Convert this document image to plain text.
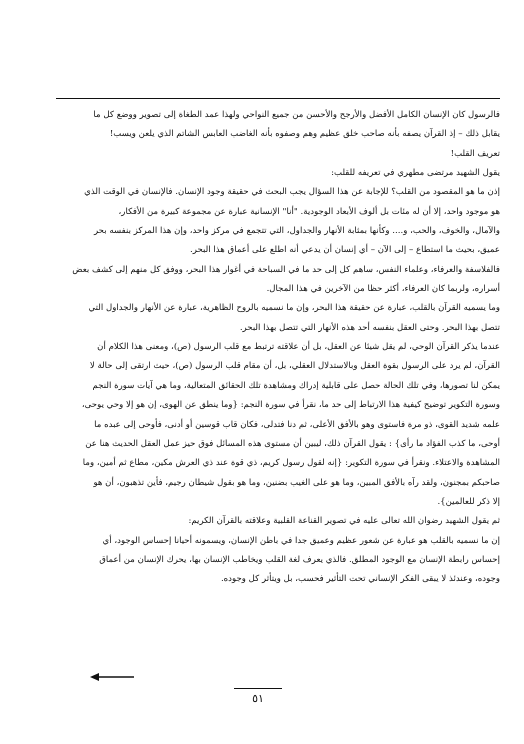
فالرسول كان الإنسان الكامل الأفضل والأرجح والأحسن من جميع النواحي ولهذا عمد الطغاة إلى تصوير ووضع كل ما
يقابل ذلك – إذ القرآن يصفه بأنه صاحب خلق عظيم وهم وصفوه بأنه الغاضب العابس الشاتم الذي يلعن ويسب!
تعريف القلب!
يقول الشهيد مرتضى مطهري في تعريفه للقلب:
إذن ما هو المقصود من القلب؟ للإجابة عن هذا السؤال يجب البحث في حقيقة وجود الإنسان. فالإنسان في الوقت الذي
هو موجود واحد، إلا أن له مئات بل ألوف الأبعاد الوجودية. "أنا" الإنسانية عبارة عن مجموعة كبيرة من الأفكار،
والآمال، والخوف، والحب، و.... وكأنها بمثابة الأنهار والجداول، التي تتجمع في مركز واحد، وإن هذا المركز بنفسه بحر
عميق، بحيث ما استطاع – إلى الآن – أي إنسان أن يدعي أنه اطلع على أعماق هذا البحر.
فالفلاسفة والعرفاء، وعلماء النفس، ساهم كل إلى حد ما في السباحة في أغوار هذا البحر، ووفق كل منهم إلى كشف بعض
أسراره، ولربما كان العرفاء، أكثر حظا من الآخرين في هذا المجال.
وما يسميه القرآن بالقلب، عبارة عن حقيقة هذا البحر، وإن ما نسميه بالروح الظاهرية، عبارة عن الأنهار والجداول التي
تتصل بهذا البحر. وحتى العقل بنفسه أحد هذه الأنهار التي تتصل بهذا البحر.
عندما يذكر القرآن الوحي، لم يقل شيئا عن العقل، بل أن علاقته ترتبط مع قلب الرسول (ص)، ومعنى هذا الكلام أن
القرآن، لم يرد على الرسول بقوة العقل وبالاستدلال العقلي، بل، أن مقام قلب الرسول (ص)، حيث ارتقى إلى حالة لا
يمكن لنا تصورها، وفي تلك الحالة حصل على قابلية إدراك ومشاهدة تلك الحقائق المتعالية، وما هي آيات سورة النجم
وسورة التكوير توضيح كيفية هذا الارتباط إلى حد ما، نقرأ في سورة النجم: {وما ينطق عن الهوى، إن هو إلا وحي يوحى،
علمه شديد القوى، ذو مرة فاستوى وهو بالأفق الأعلى، ثم دنا فتدلى، فكان قاب قوسين أو أدنى، فأوحى إلى عبده ما
أوحى، ما كذب الفؤاد ما رأى} : يقول القرآن ذلك، ليبين أن مستوى هذه المسائل فوق حيز عمل العقل الحديث هنا عن
المشاهدة والاعتلاء. ونقرأ في سورة التكوير: {إنه لقول رسول كريم، ذي قوة عند ذي العرش مكين، مطاع ثم أمين، وما
صاحبكم بمجنون، ولقد رآه بالأفق المبين، وما هو على الغيب بضنين، وما هو بقول شيطان رجيم، فأين تذهبون، أن هو
إلا ذكر للعالمين}.
ثم يقول الشهيد رضوان الله تعالى عليه في تصوير القناعة القلبية وعلاقته بالقرآن الكريم:
إن ما نسميه بالقلب هو عبارة عن شعور عظيم وعميق جدا في باطن الإنسان، ويسمونه أحيانا إحساس الوجود، أي
إحساس رابطة الإنسان مع الوجود المطلق. فالذي يعرف لغة القلب ويخاطب الإنسان بها، يحرك الإنسان من أعماق
وجوده، وعندئذ لا يبقى الفكر الإنساني تحت التأثير فحسب، بل ويتأثر كل وجوده.
٥١
